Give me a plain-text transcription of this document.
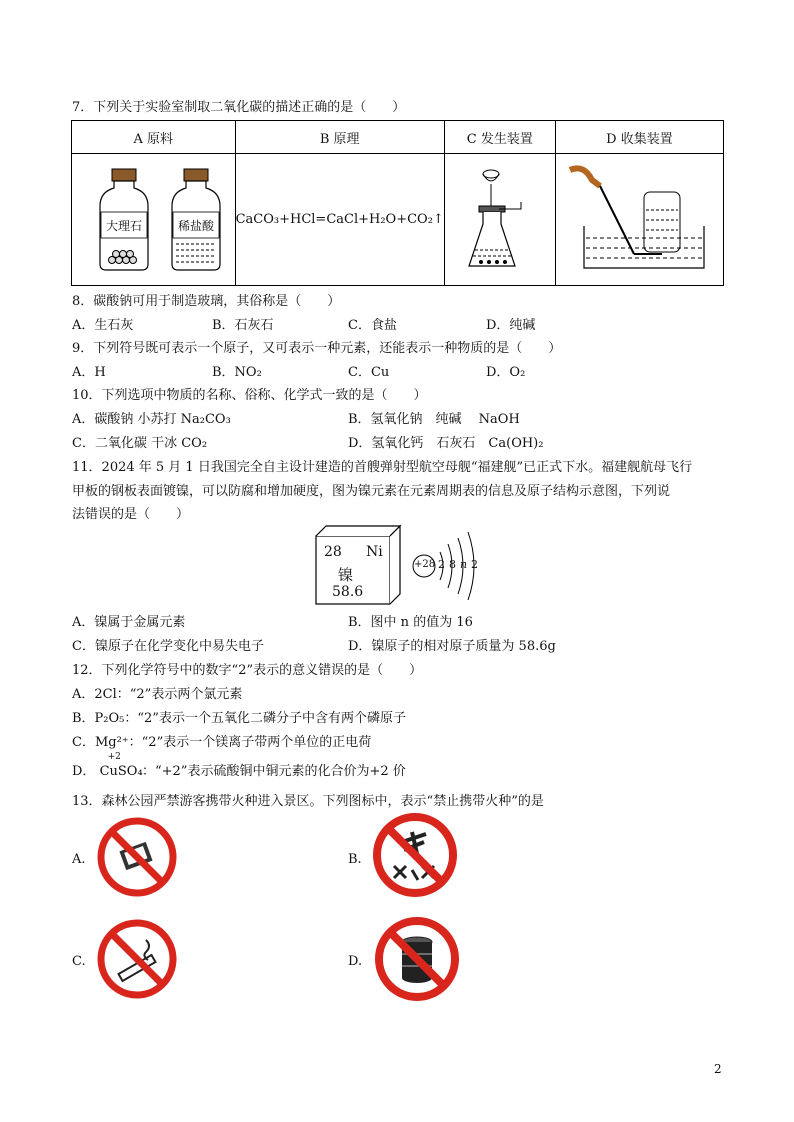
7．下列关于实验室制取二氧化碳的描述正确的是（　　）
A 原料	B 原理	C 发生装置	D 收集装置

大理石 稀盐酸	CaCO₃+HCl=CaCl+H₂O+CO₂↑		
8．碳酸钠可用于制造玻璃，其俗称是（　　）
A．生石灰	B．石灰石	C．食盐	D．纯碱
9．下列符号既可表示一个原子，又可表示一种元素，还能表示一种物质的是（　　）
A．H	B．NO₂	C．Cu	D．O₂
10．下列选项中物质的名称、俗称、化学式一致的是（　　）
A．碳酸钠 小苏打 Na₂CO₃	B．氢氧化钠　纯碱　 NaOH
C．二氧化碳 干冰 CO₂	D．氢氧化钙　石灰石　Ca(OH)₂
11．2024 年 5 月 1 日我国完全自主设计建造的首艘弹射型航空母舰“福建舰”已正式下水。福建舰航母飞行
甲板的钢板表面镀镍，可以防腐和增加硬度，图为镍元素在元素周期表的信息及原子结构示意图，下列说
法错误的是（　　）
28 Ni
镍
58.6
+28 2 8 n 2
A．镍属于金属元素	B．图中 n 的值为 16
C．镍原子在化学变化中易失电子	D．镍原子的相对原子质量为 58.6g
12．下列化学符号中的数字“2”表示的意义错误的是（　　）
A．2Cl：“2”表示两个氯元素
B．P₂O₅：“2”表示一个五氧化二磷分子中含有两个磷原子
C．Mg²⁺：“2”表示一个镁离子带两个单位的正电荷
D．
+2
CuSO₄ ：“+2”表示硫酸铜中铜元素的化合价为+2 价
13．森林公园严禁游客携带火种进入景区。下列图标中，表示“禁止携带火种”的是
A.	B.
C.	D.
2
